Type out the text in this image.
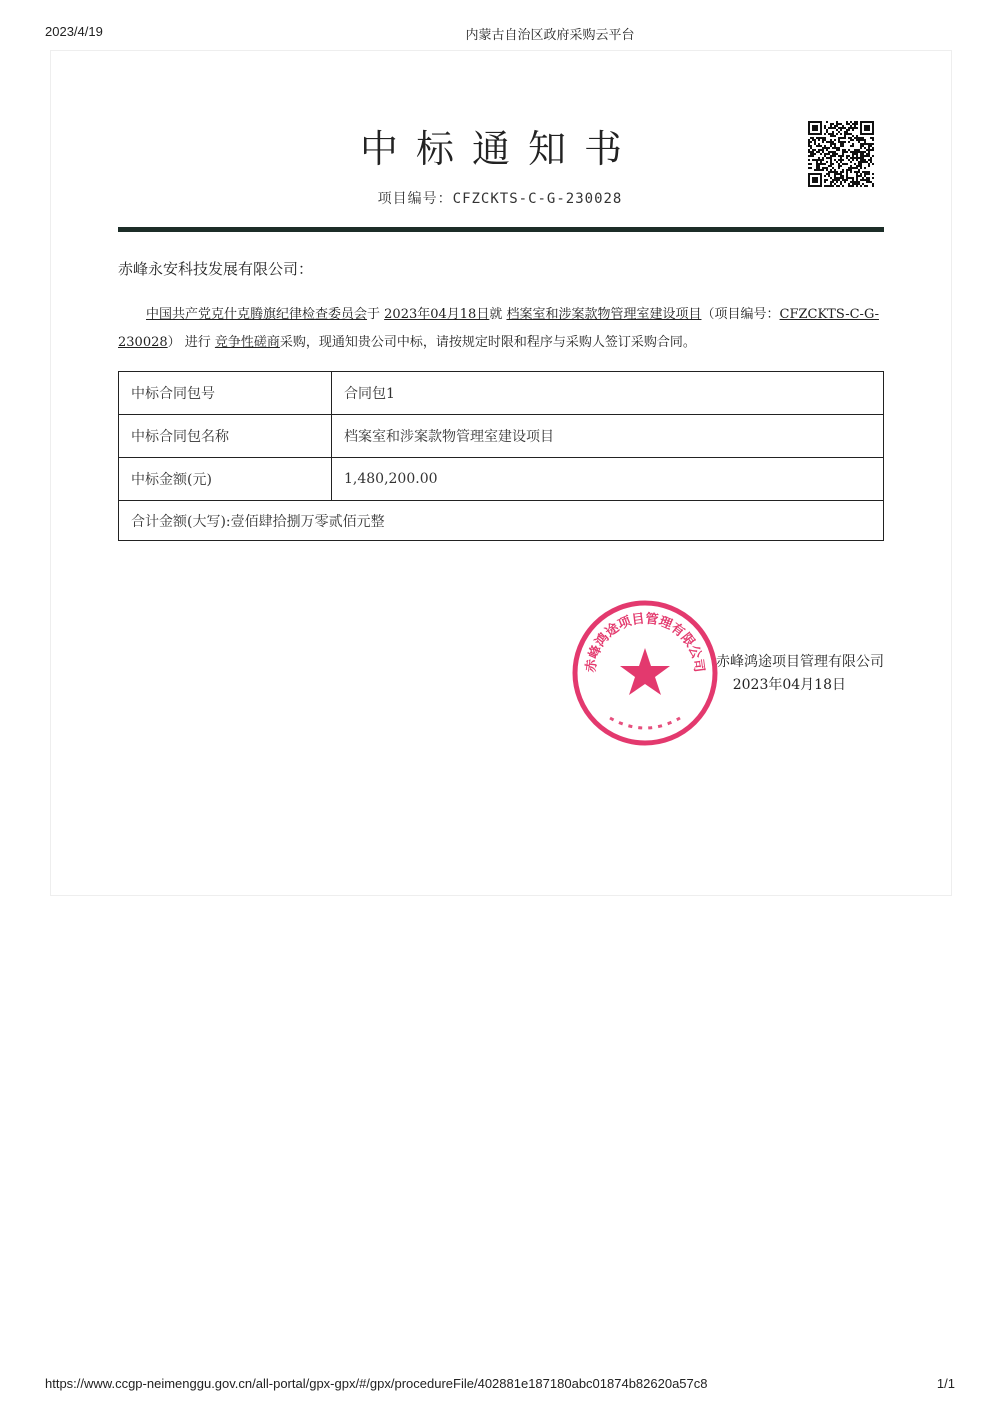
2023/4/19	内蒙古自治区政府采购云平台
中标通知书
项目编号：CFZCKTS-C-G-230028
赤峰永安科技发展有限公司：
中国共产党克什克腾旗纪律检查委员会于 2023年04月18日就 档案室和涉案款物管理室建设项目（项目编号：CFZCKTS-C-G-230028） 进行 竞争性磋商采购，现通知贵公司中标，请按规定时限和程序与采购人签订采购合同。
中标合同包号	合同包1
中标合同包名称	档案室和涉案款物管理室建设项目
中标金额(元)	1,480,200.00
合计金额(大写):壹佰肆拾捌万零贰佰元整	
赤峰鸿途项目管理有限公司 赤峰鸿途项目管理有限公司
2023年04月18日
https://www.ccgp-neimenggu.gov.cn/all-portal/gpx-gpx/#/gpx/procedureFile/402881e187180abc01874b82620a57c8	1/1
